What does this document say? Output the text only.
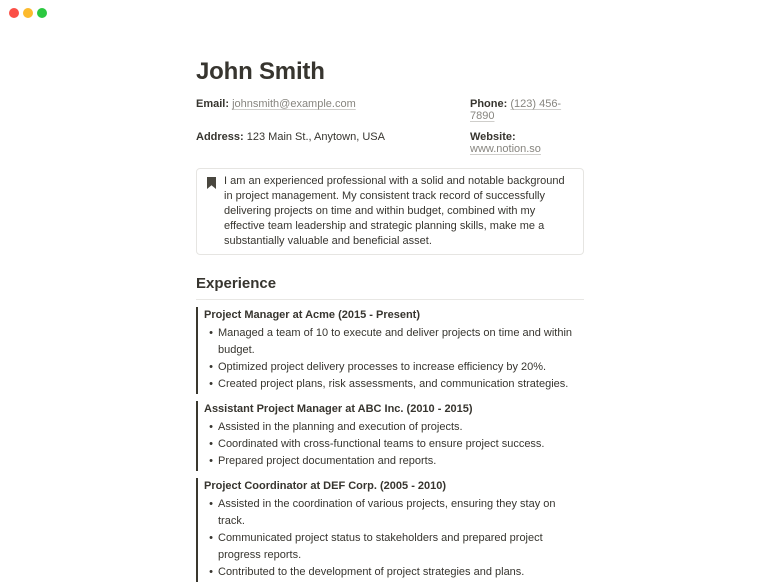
John Smith
Email: johnsmith@example.com	Phone: (123) 456-7890
Address: 123 Main St., Anytown, USA	Website: www.notion.so
I am an experienced professional with a solid and notable background in project management. My consistent track record of successfully delivering projects on time and within budget, combined with my effective team leadership and strategic planning skills, make me a substantially valuable and beneficial asset.
Experience
Project Manager at Acme (2015 - Present)
• Managed a team of 10 to execute and deliver projects on time and within budget.
• Optimized project delivery processes to increase efficiency by 20%.
• Created project plans, risk assessments, and communication strategies.
Assistant Project Manager at ABC Inc. (2010 - 2015)
• Assisted in the planning and execution of projects.
• Coordinated with cross-functional teams to ensure project success.
• Prepared project documentation and reports.
Project Coordinator at DEF Corp. (2005 - 2010)
• Assisted in the coordination of various projects, ensuring they stay on track.
• Communicated project status to stakeholders and prepared project progress reports.
• Contributed to the development of project strategies and plans.
